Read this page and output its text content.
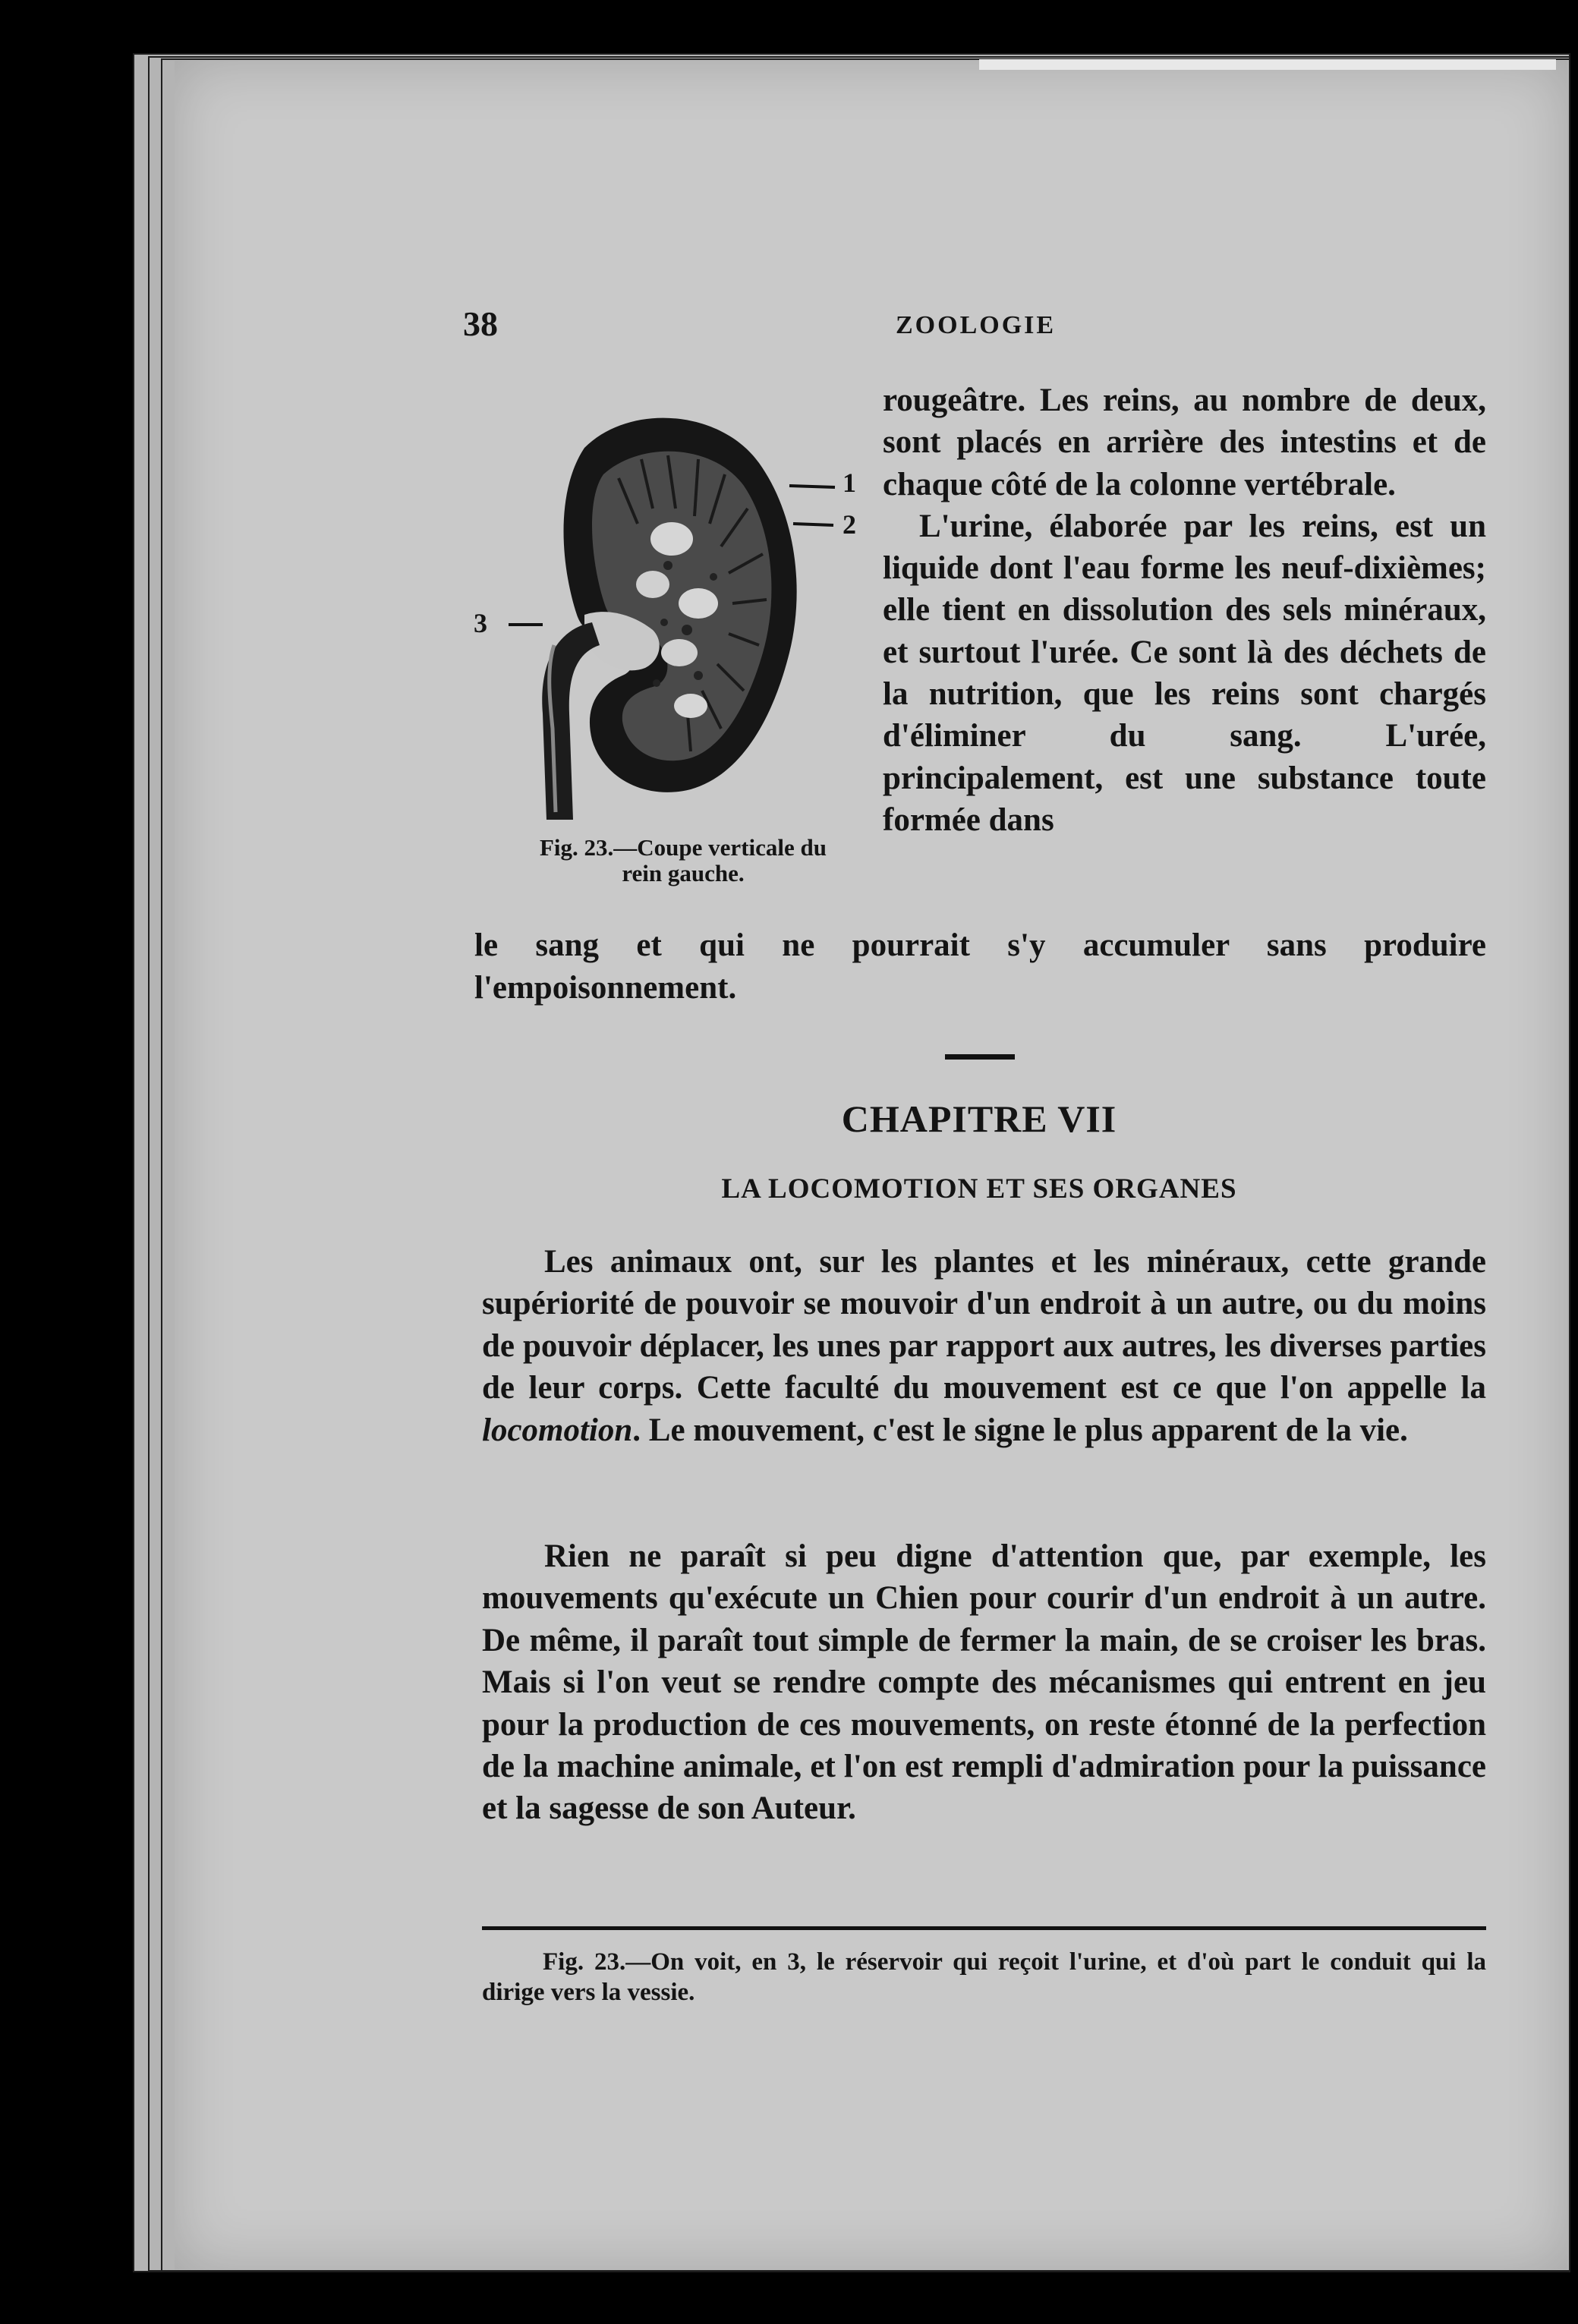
38	ZOOLOGIE
1
2
3
Fig. 23.—Coupe verticale du
rein gauche.
rougeâtre. Les reins, au nombre de deux, sont placés en arrière des intestins et de chaque côté de la colonne vertébrale.
L'urine, élaborée par les reins, est un liquide dont l'eau forme les neuf-dixièmes; elle tient en dissolution des sels minéraux, et surtout l'urée. Ce sont là des déchets de la nutrition, que les reins sont chargés d'éliminer du sang. L'urée, principalement, est une substance toute formée dans

le sang et qui ne pourrait s'y accumuler sans produire l'empoisonnement.

CHAPITRE VII
LA LOCOMOTION ET SES ORGANES

Les animaux ont, sur les plantes et les minéraux, cette grande supériorité de pouvoir se mouvoir d'un endroit à un autre, ou du moins de pouvoir déplacer, les unes par rapport aux autres, les diverses parties de leur corps. Cette faculté du mouvement est ce que l'on appelle la locomotion. Le mouvement, c'est le signe le plus apparent de la vie.

Rien ne paraît si peu digne d'attention que, par exemple, les mouvements qu'exécute un Chien pour courir d'un endroit à un autre. De même, il paraît tout simple de fermer la main, de se croiser les bras. Mais si l'on veut se rendre compte des mécanismes qui entrent en jeu pour la production de ces mouvements, on reste étonné de la perfection de la machine animale, et l'on est rempli d'admiration pour la puissance et la sagesse de son Auteur.

Fig. 23.—On voit, en 3, le réservoir qui reçoit l'urine, et d'où part le conduit qui la dirige vers la vessie.
